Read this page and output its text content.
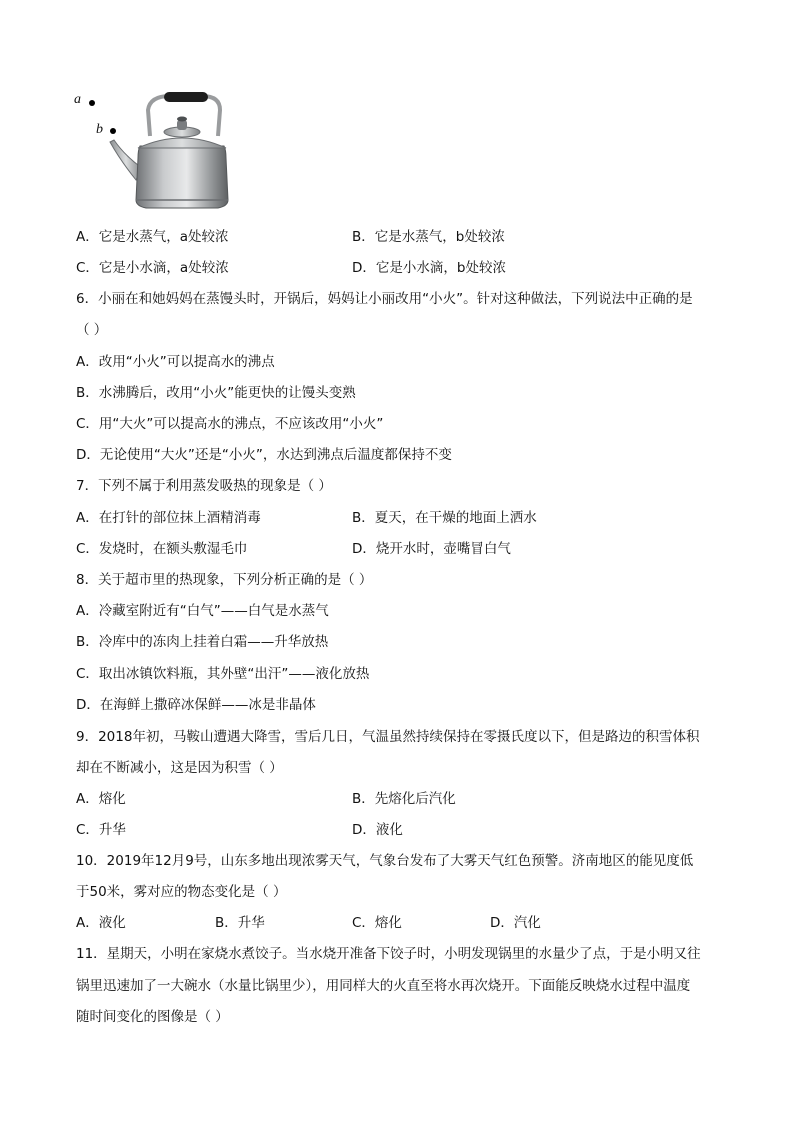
a
b
A．它是水蒸气，a处较浓	B．它是水蒸气，b处较浓
C．它是小水滴，a处较浓	D．它是小水滴，b处较浓
6．小丽在和她妈妈在蒸馒头时，开锅后，妈妈让小丽改用“小火”。针对这种做法，下列说法中正确的是
（ ）
A．改用“小火”可以提高水的沸点
B．水沸腾后，改用“小火”能更快的让馒头变熟
C．用“大火”可以提高水的沸点，不应该改用“小火”
D．无论使用“大火”还是“小火”，水达到沸点后温度都保持不变
7．下列不属于利用蒸发吸热的现象是（ ）
A．在打针的部位抹上酒精消毒	B．夏天，在干燥的地面上洒水
C．发烧时，在额头敷湿毛巾	D．烧开水时，壶嘴冒白气
8．关于超市里的热现象，下列分析正确的是（ ）
A．冷藏室附近有“白气”——白气是水蒸气
B．冷库中的冻肉上挂着白霜——升华放热
C．取出冰镇饮料瓶，其外壁“出汗”——液化放热
D．在海鲜上撒碎冰保鲜——冰是非晶体
9．2018年初，马鞍山遭遇大降雪，雪后几日，气温虽然持续保持在零摄氏度以下，但是路边的积雪体积
却在不断减小，这是因为积雪（ ）
A．熔化	B．先熔化后汽化
C．升华	D．液化
10．2019年12月9号，山东多地出现浓雾天气，气象台发布了大雾天气红色预警。济南地区的能见度低
于50米，雾对应的物态变化是（ ）
A．液化	B．升华	C．熔化	D．汽化
11．星期天，小明在家烧水煮饺子。当水烧开准备下饺子时，小明发现锅里的水量少了点，于是小明又往
锅里迅速加了一大碗水（水量比锅里少），用同样大的火直至将水再次烧开。下面能反映烧水过程中温度
随时间变化的图像是（ ）
